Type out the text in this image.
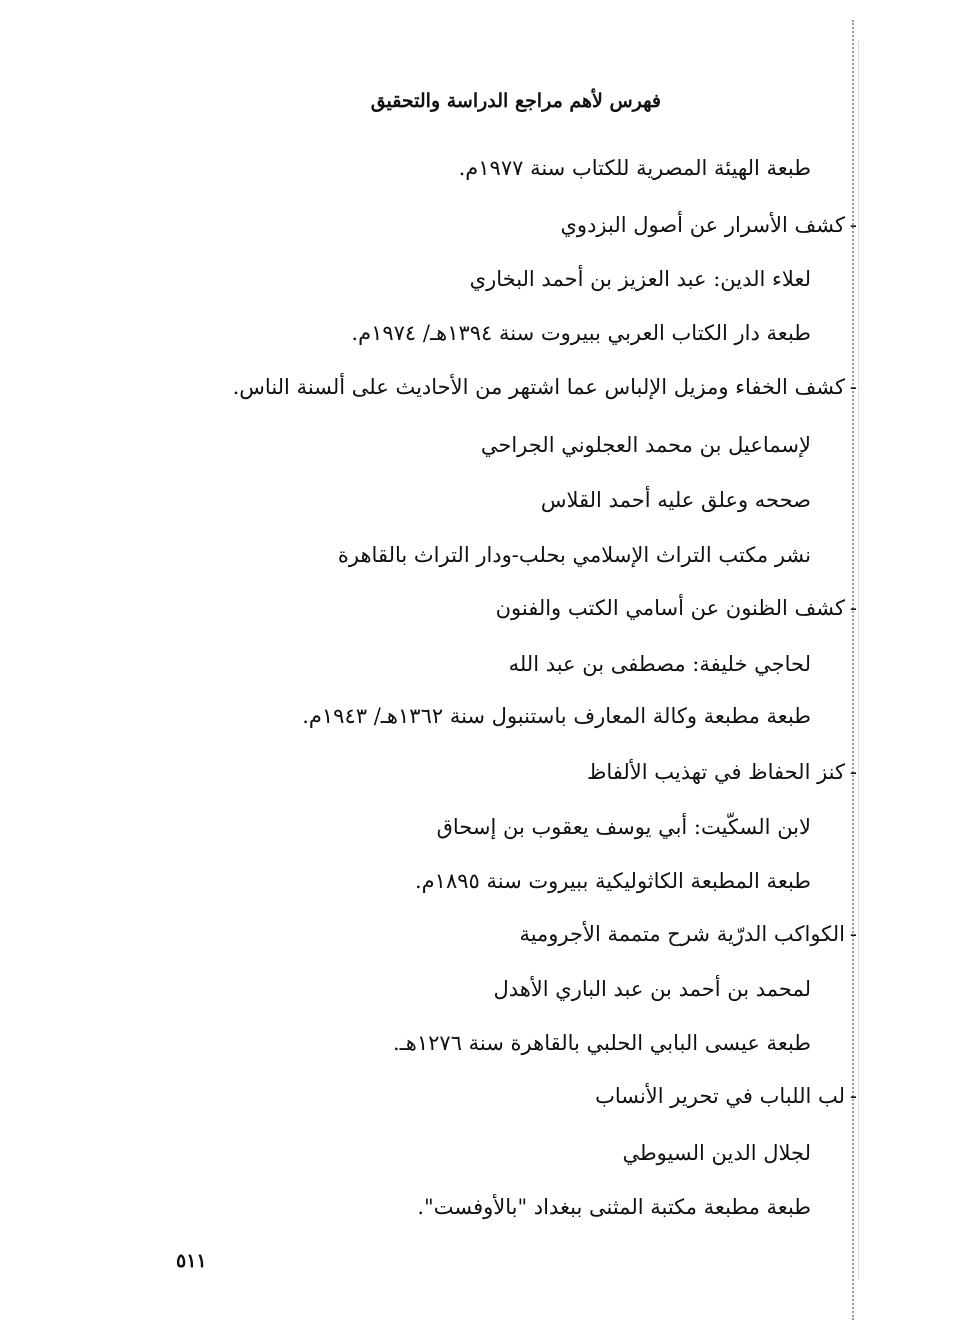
فهرس لأهم مراجع الدراسة والتحقيق
طبعة الهيئة المصرية للكتاب سنة ١٩٧٧م.
-
كشف الأسرار عن أصول البزدوي
لعلاء الدين: عبد العزيز بن أحمد البخاري
طبعة دار الكتاب العربي ببيروت سنة ١٣٩٤هـ/ ١٩٧٤م.
-
كشف الخفاء ومزيل الإلباس عما اشتهر من الأحاديث على ألسنة الناس.
لإسماعيل بن محمد العجلوني الجراحي
صححه وعلق عليه أحمد القلاس
نشر مكتب التراث الإسلامي بحلب-ودار التراث بالقاهرة
-
كشف الظنون عن أسامي الكتب والفنون
لحاجي خليفة: مصطفى بن عبد الله
طبعة مطبعة وكالة المعارف باستنبول سنة ١٣٦٢هـ/ ١٩٤٣م.
-
كنز الحفاظ في تهذيب الألفاظ
لابن السكّيت: أبي يوسف يعقوب بن إسحاق
طبعة المطبعة الكاثوليكية ببيروت سنة ١٨٩٥م.
-
الكواكب الدرّية شرح متممة الأجرومية
لمحمد بن أحمد بن عبد الباري الأهدل
طبعة عيسى البابي الحلبي بالقاهرة سنة ١٢٧٦هـ.
-
لب اللباب في تحرير الأنساب
لجلال الدين السيوطي
طبعة مطبعة مكتبة المثنى ببغداد "بالأوفست".
٥١١
